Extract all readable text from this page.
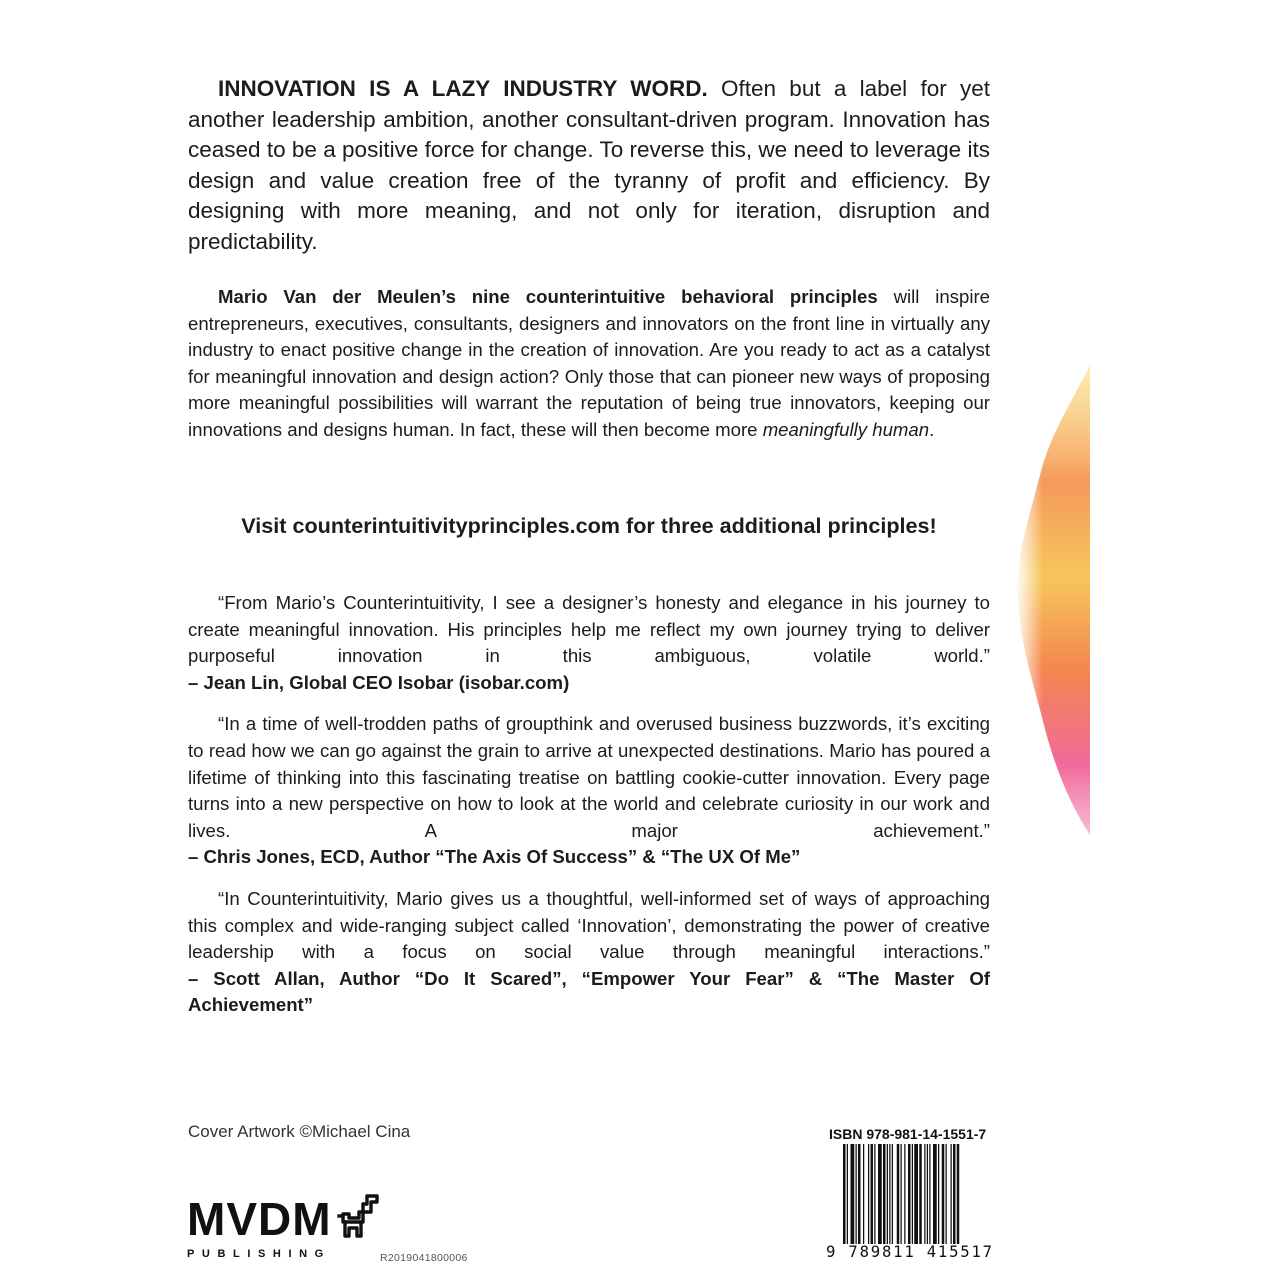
INNOVATION IS A LAZY INDUSTRY WORD. Often but a label for yet another leadership ambition, another consultant-driven program. Innovation has ceased to be a positive force for change. To reverse this, we need to leverage its design and value creation free of the tyranny of profit and efficiency. By designing with more meaning, and not only for iteration, disruption and predictability.
Mario Van der Meulen’s nine counterintuitive behavioral principles will inspire entrepreneurs, executives, consultants, designers and innovators on the front line in virtually any industry to enact positive change in the creation of innovation. Are you ready to act as a catalyst for meaningful innovation and design action? Only those that can pioneer new ways of proposing more meaningful possibilities will warrant the reputation of being true innovators, keeping our innovations and designs human. In fact, these will then become more meaningfully human.
Visit counterintuitivityprinciples.com for three additional principles!
“From Mario’s Counterintuitivity, I see a designer’s honesty and elegance in his journey to create meaningful innovation. His principles help me reflect my own journey trying to deliver purposeful innovation in this ambiguous, volatile world.”
– Jean Lin, Global CEO Isobar (isobar.com)
“In a time of well-trodden paths of groupthink and overused business buzzwords, it’s exciting to read how we can go against the grain to arrive at unexpected destinations. Mario has poured a lifetime of thinking into this fascinating treatise on battling cookie-cutter innovation. Every page turns into a new perspective on how to look at the world and celebrate curiosity in our work and lives. A major achievement.”
– Chris Jones, ECD, Author “The Axis Of Success” & “The UX Of Me”
“In Counterintuitivity, Mario gives us a thoughtful, well-informed set of ways of approaching this complex and wide-ranging subject called ‘Innovation’, demonstrating the power of creative leadership with a focus on social value through meaningful interactions.”
– Scott Allan, Author “Do It Scared”, “Empower Your Fear” & “The Master Of Achievement”
Cover Artwork ©Michael Cina
MVDM
PUBLISHING	R2019041800006
ISBN 978-981-14-1551-7
9 789811 415517
